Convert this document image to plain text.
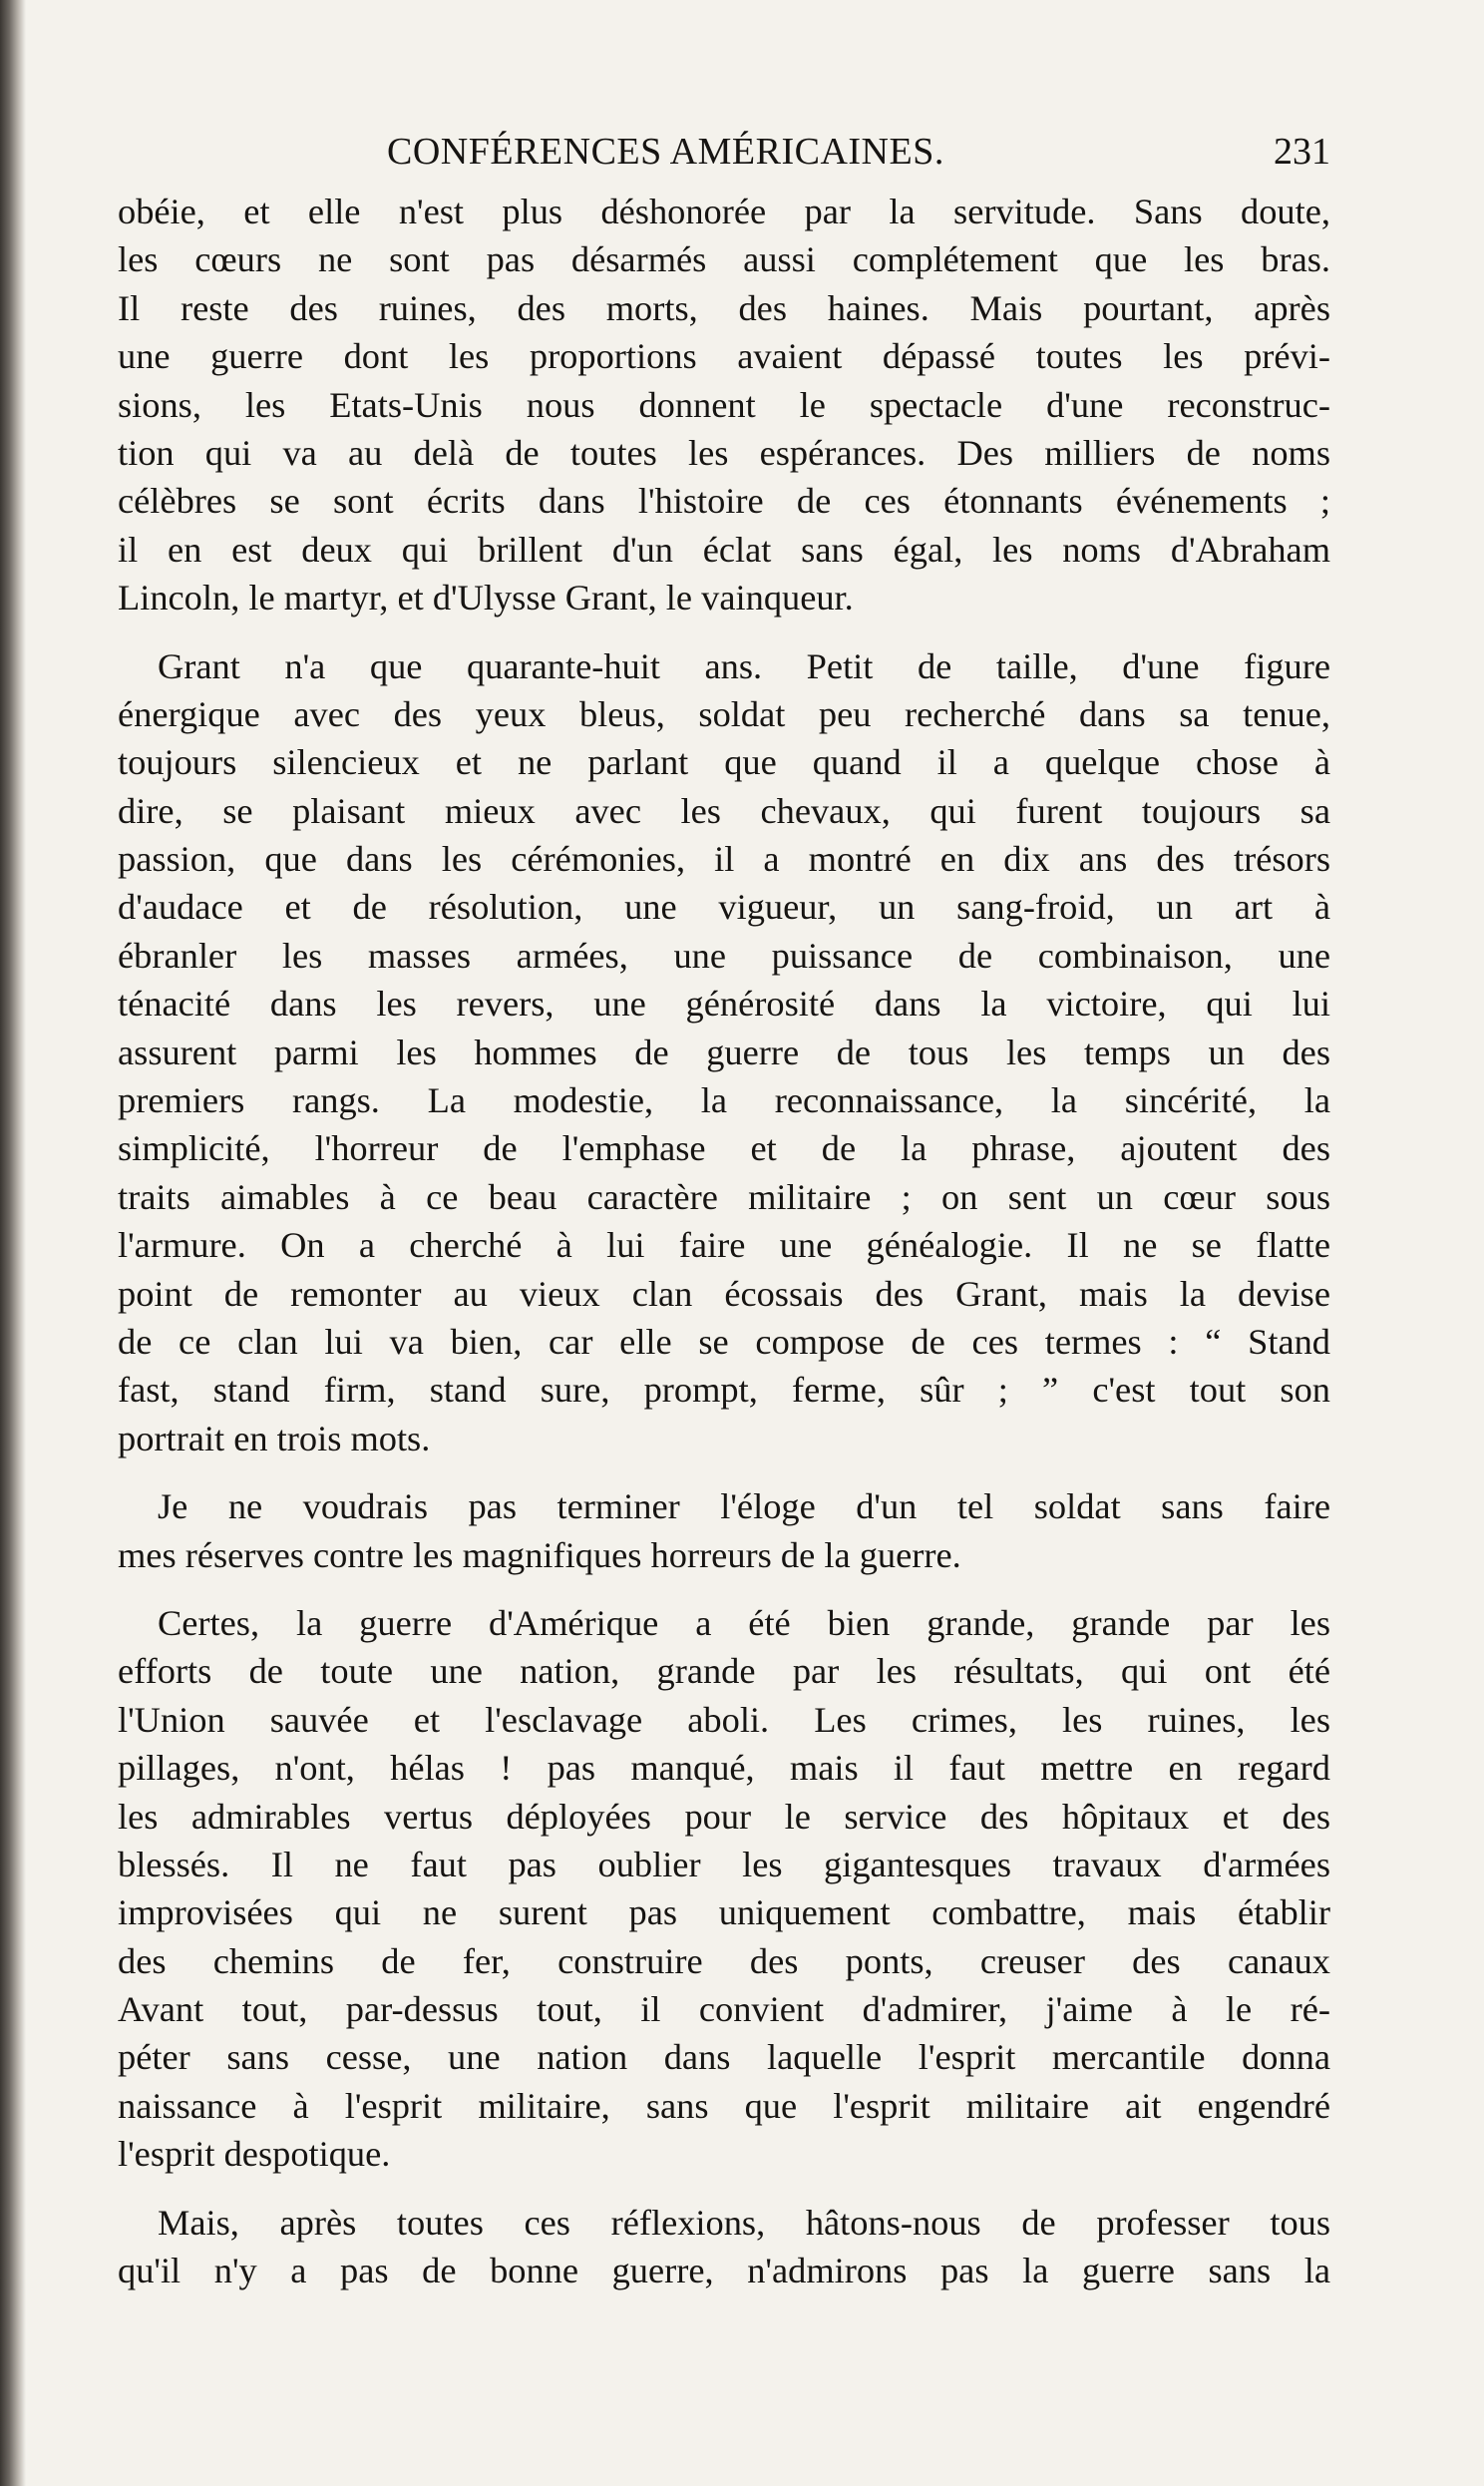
CONFÉRENCES AMÉRICAINES.	231
obéie, et elle n'est plus déshonorée par la servitude. Sans doute,
les cœurs ne sont pas désarmés aussi complétement que les bras.
Il reste des ruines, des morts, des haines. Mais pourtant, après
une guerre dont les proportions avaient dépassé toutes les prévi-
sions, les Etats-Unis nous donnent le spectacle d'une reconstruc-
tion qui va au delà de toutes les espérances. Des milliers de noms
célèbres se sont écrits dans l'histoire de ces étonnants événements ;
il en est deux qui brillent d'un éclat sans égal, les noms d'Abraham
Lincoln, le martyr, et d'Ulysse Grant, le vainqueur.
Grant n'a que quarante-huit ans. Petit de taille, d'une figure
énergique avec des yeux bleus, soldat peu recherché dans sa tenue,
toujours silencieux et ne parlant que quand il a quelque chose à
dire, se plaisant mieux avec les chevaux, qui furent toujours sa
passion, que dans les cérémonies, il a montré en dix ans des trésors
d'audace et de résolution, une vigueur, un sang-froid, un art à
ébranler les masses armées, une puissance de combinaison, une
ténacité dans les revers, une générosité dans la victoire, qui lui
assurent parmi les hommes de guerre de tous les temps un des
premiers rangs. La modestie, la reconnaissance, la sincérité, la
simplicité, l'horreur de l'emphase et de la phrase, ajoutent des
traits aimables à ce beau caractère militaire ; on sent un cœur sous
l'armure. On a cherché à lui faire une généalogie. Il ne se flatte
point de remonter au vieux clan écossais des Grant, mais la devise
de ce clan lui va bien, car elle se compose de ces termes : “ Stand
fast, stand firm, stand sure, prompt, ferme, sûr ; ” c'est tout son
portrait en trois mots.
Je ne voudrais pas terminer l'éloge d'un tel soldat sans faire
mes réserves contre les magnifiques horreurs de la guerre.
Certes, la guerre d'Amérique a été bien grande, grande par les
efforts de toute une nation, grande par les résultats, qui ont été
l'Union sauvée et l'esclavage aboli. Les crimes, les ruines, les
pillages, n'ont, hélas ! pas manqué, mais il faut mettre en regard
les admirables vertus déployées pour le service des hôpitaux et des
blessés. Il ne faut pas oublier les gigantesques travaux d'armées
improvisées qui ne surent pas uniquement combattre, mais établir
des chemins de fer, construire des ponts, creuser des canaux
Avant tout, par-dessus tout, il convient d'admirer, j'aime à le ré-
péter sans cesse, une nation dans laquelle l'esprit mercantile donna
naissance à l'esprit militaire, sans que l'esprit militaire ait engendré
l'esprit despotique.
Mais, après toutes ces réflexions, hâtons-nous de professer tous
qu'il n'y a pas de bonne guerre, n'admirons pas la guerre sans la
